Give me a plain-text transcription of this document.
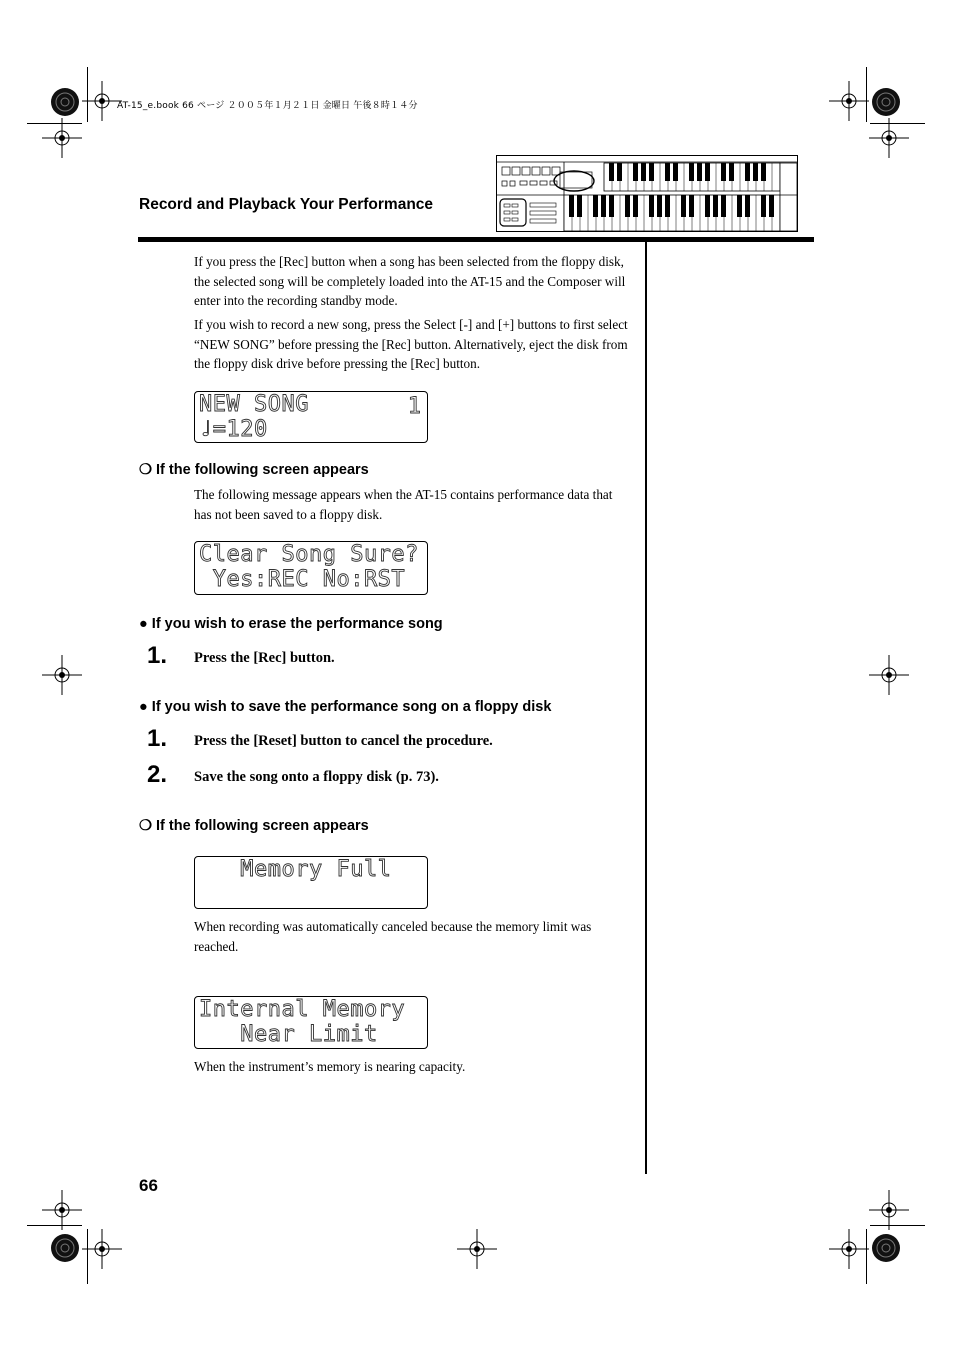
AT-15_e.book 66 ページ ２００５年１月２１日 金曜日 午後８時１４分
Record and Playback Your Performance

If you press the [Rec] button when a song has been selected from the floppy disk, the selected song will be completely loaded into the AT-15 and the Composer will enter into the recording standby mode.

If you wish to record a new song, press the Select [-] and [+] buttons to first select “NEW SONG” before pressing the [Rec] button. Alternatively, eject the disk from the floppy disk drive before pressing the [Rec] button.

NEW SONG
♩=120
1
❍ If the following screen appears

The following message appears when the AT-15 contains performance data that has not been saved to a floppy disk.

Clear Song Sure?
Yes:REC No:RST
● If you wish to erase the performance song
1. Press the [Rec] button.
● If you wish to save the performance song on a floppy disk
1. Press the [Reset] button to cancel the procedure.
2. Save the song onto a floppy disk (p. 73).
❍ If the following screen appears
Memory Full

When recording was automatically canceled because the memory limit was reached.

Internal Memory
Near Limit

When the instrument’s memory is nearing capacity.

66
